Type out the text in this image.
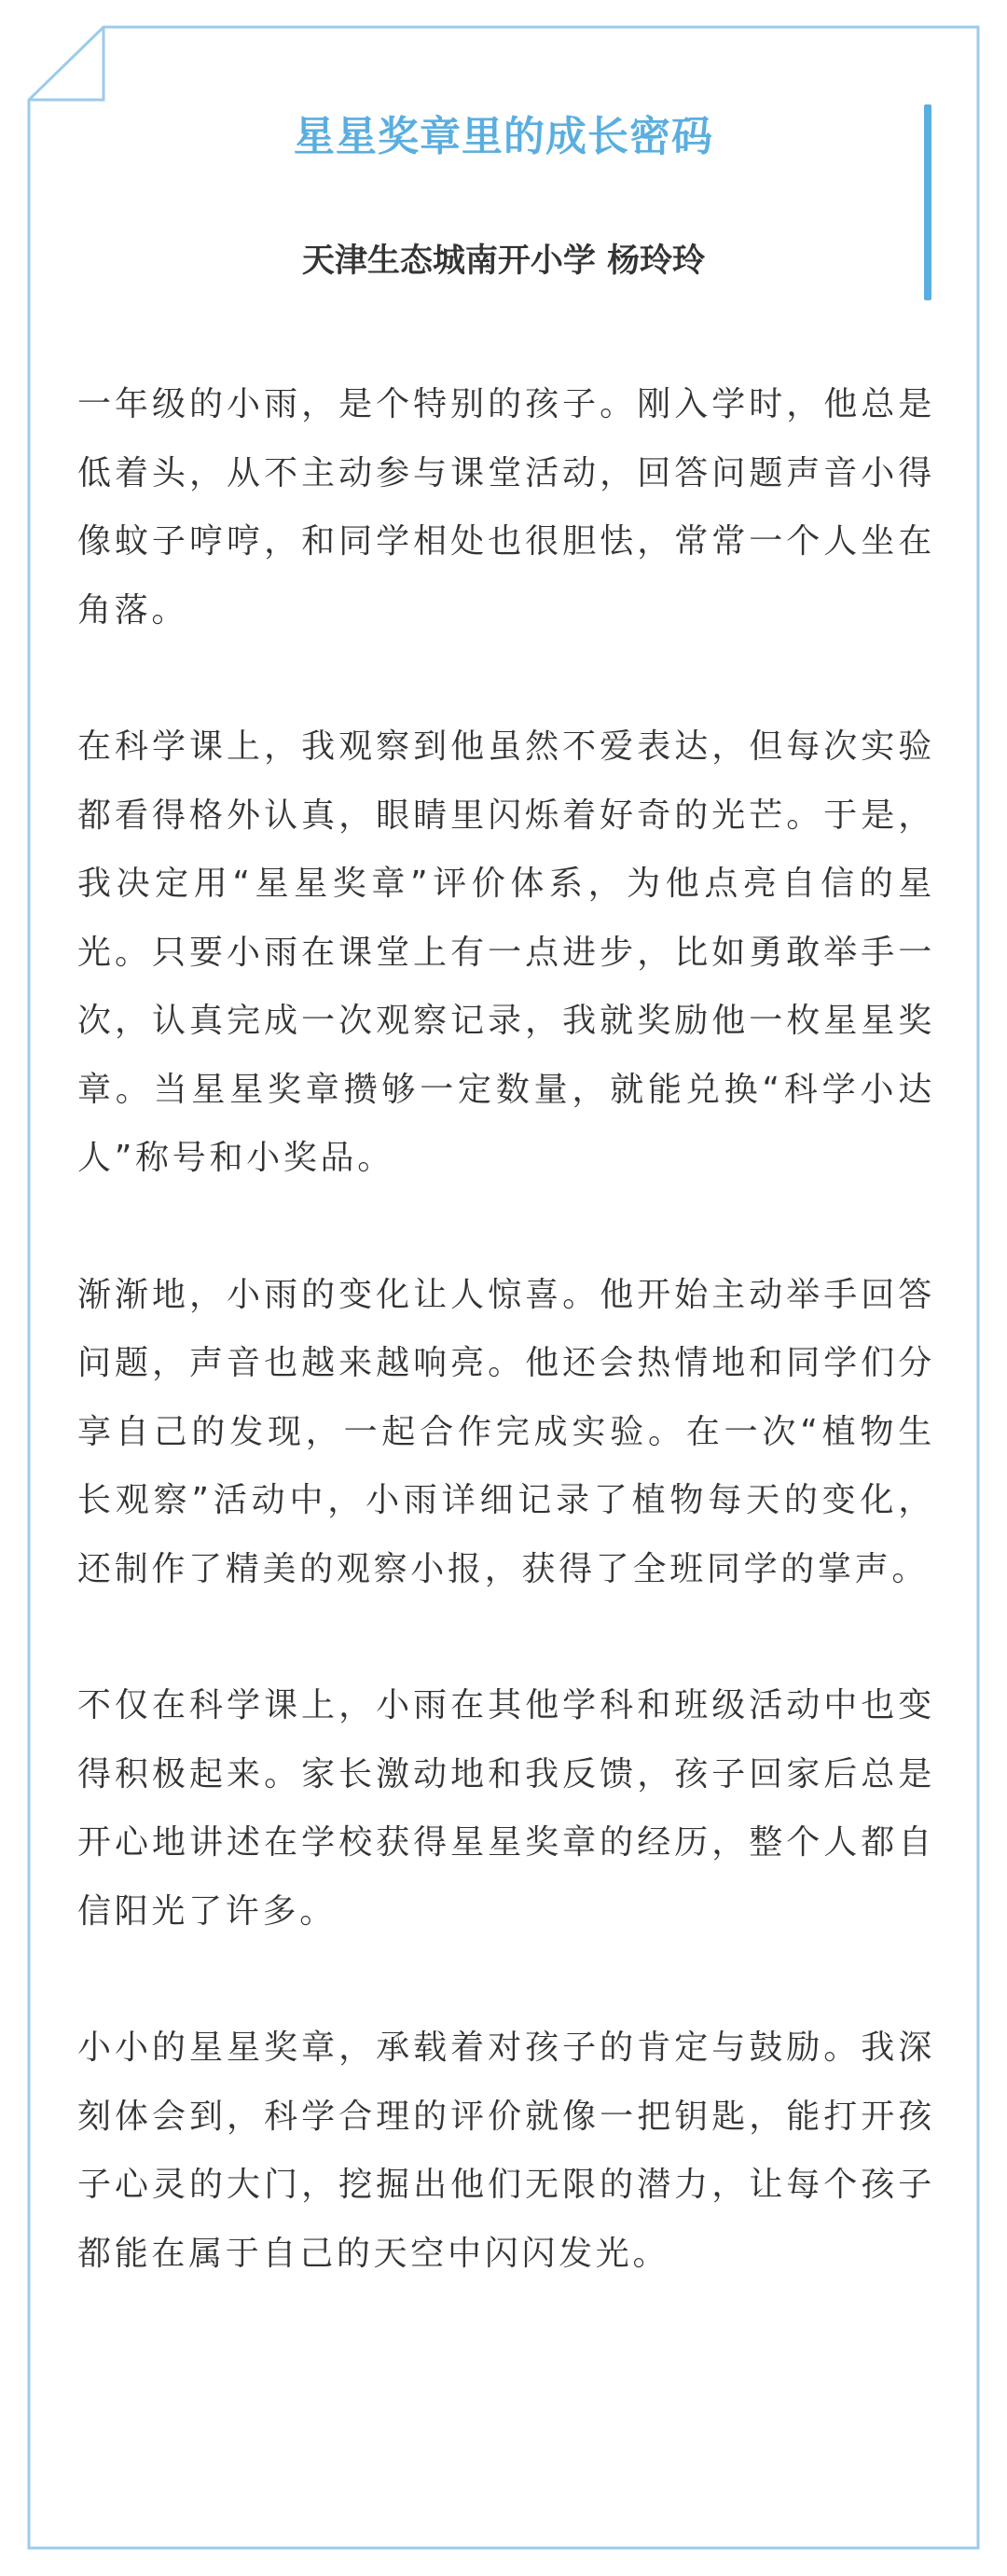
星星奖章里的成长密码
天津生态城南开小学 杨玲玲

一年级的小雨，是个特别的孩子。刚入学时，他总是低着头，从不主动参与课堂活动，回答问题声音小得像蚊子哼哼，和同学相处也很胆怯，常常一个人坐在角落。

在科学课上，我观察到他虽然不爱表达，但每次实验都看得格外认真，眼睛里闪烁着好奇的光芒。于是，我决定用“星星奖章”评价体系，为他点亮自信的星光。只要小雨在课堂上有一点进步，比如勇敢举手一次，认真完成一次观察记录，我就奖励他一枚星星奖章。当星星奖章攒够一定数量，就能兑换“科学小达人”称号和小奖品。

渐渐地，小雨的变化让人惊喜。他开始主动举手回答问题，声音也越来越响亮。他还会热情地和同学们分享自己的发现，一起合作完成实验。在一次“植物生长观察”活动中，小雨详细记录了植物每天的变化，还制作了精美的观察小报，获得了全班同学的掌声。

不仅在科学课上，小雨在其他学科和班级活动中也变得积极起来。家长激动地和我反馈，孩子回家后总是开心地讲述在学校获得星星奖章的经历，整个人都自信阳光了许多。

小小的星星奖章，承载着对孩子的肯定与鼓励。我深刻体会到，科学合理的评价就像一把钥匙，能打开孩子心灵的大门，挖掘出他们无限的潜力，让每个孩子都能在属于自己的天空中闪闪发光。
